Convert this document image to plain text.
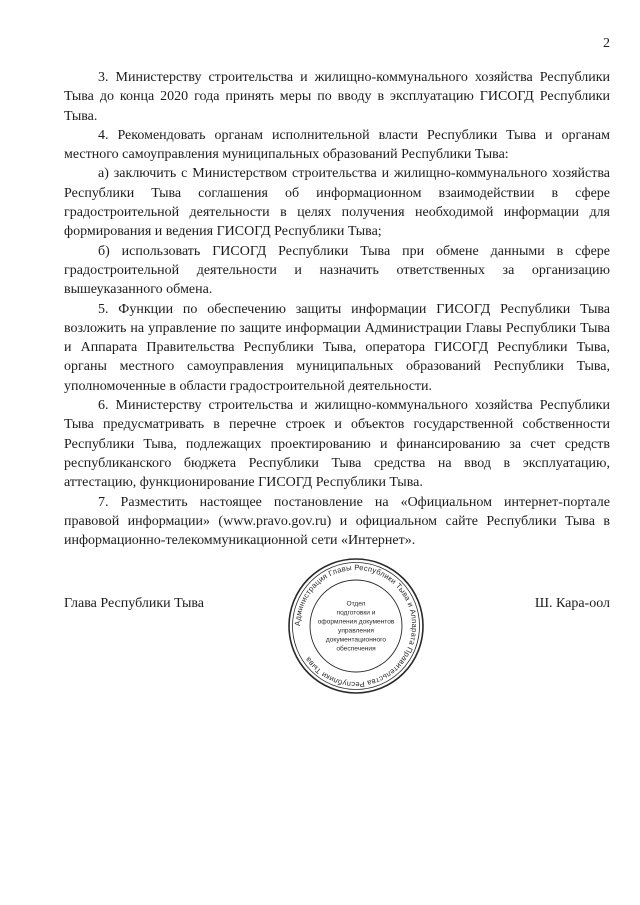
2

3. Министерству строительства и жилищно-коммунального хозяйства Республики Тыва до конца 2020 года принять меры по вводу в эксплуатацию ГИСОГД Республики Тыва.

4. Рекомендовать органам исполнительной власти Республики Тыва и органам местного самоуправления муниципальных образований Республики Тыва:

а) заключить с Министерством строительства и жилищно-коммунального хозяйства Республики Тыва соглашения об информационном взаимодействии в сфере градостроительной деятельности в целях получения необходимой информации для формирования и ведения ГИСОГД Республики Тыва;

б) использовать ГИСОГД Республики Тыва при обмене данными в сфере градостроительной деятельности и назначить ответственных за организацию вышеуказанного обмена.

5. Функции по обеспечению защиты информации ГИСОГД Республики Тыва возложить на управление по защите информации Администрации Главы Республики Тыва и Аппарата Правительства Республики Тыва, оператора ГИСОГД Республики Тыва, органы местного самоуправления муниципальных образований Республики Тыва, уполномоченные в области градостроительной деятельности.

6. Министерству строительства и жилищно-коммунального хозяйства Республики Тыва предусматривать в перечне строек и объектов государственной собственности Республики Тыва, подлежащих проектированию и финансированию за счет средств республиканского бюджета Республики Тыва средства на ввод в эксплуатацию, аттестацию, функционирование ГИСОГД Республики Тыва.

7. Разместить настоящее постановление на «Официальном интернет-портале правовой информации» (www.pravo.gov.ru) и официальном сайте Республики Тыва в информационно-телекоммуникационной сети «Интернет».

Глава Республики Тыва	Ш. Кара-оол
Администрация Главы Республики Тыва и Аппарата Правительства Республики Тыва
Отдел
подготовки и
оформления документов
управления
документационного
обеспечения
